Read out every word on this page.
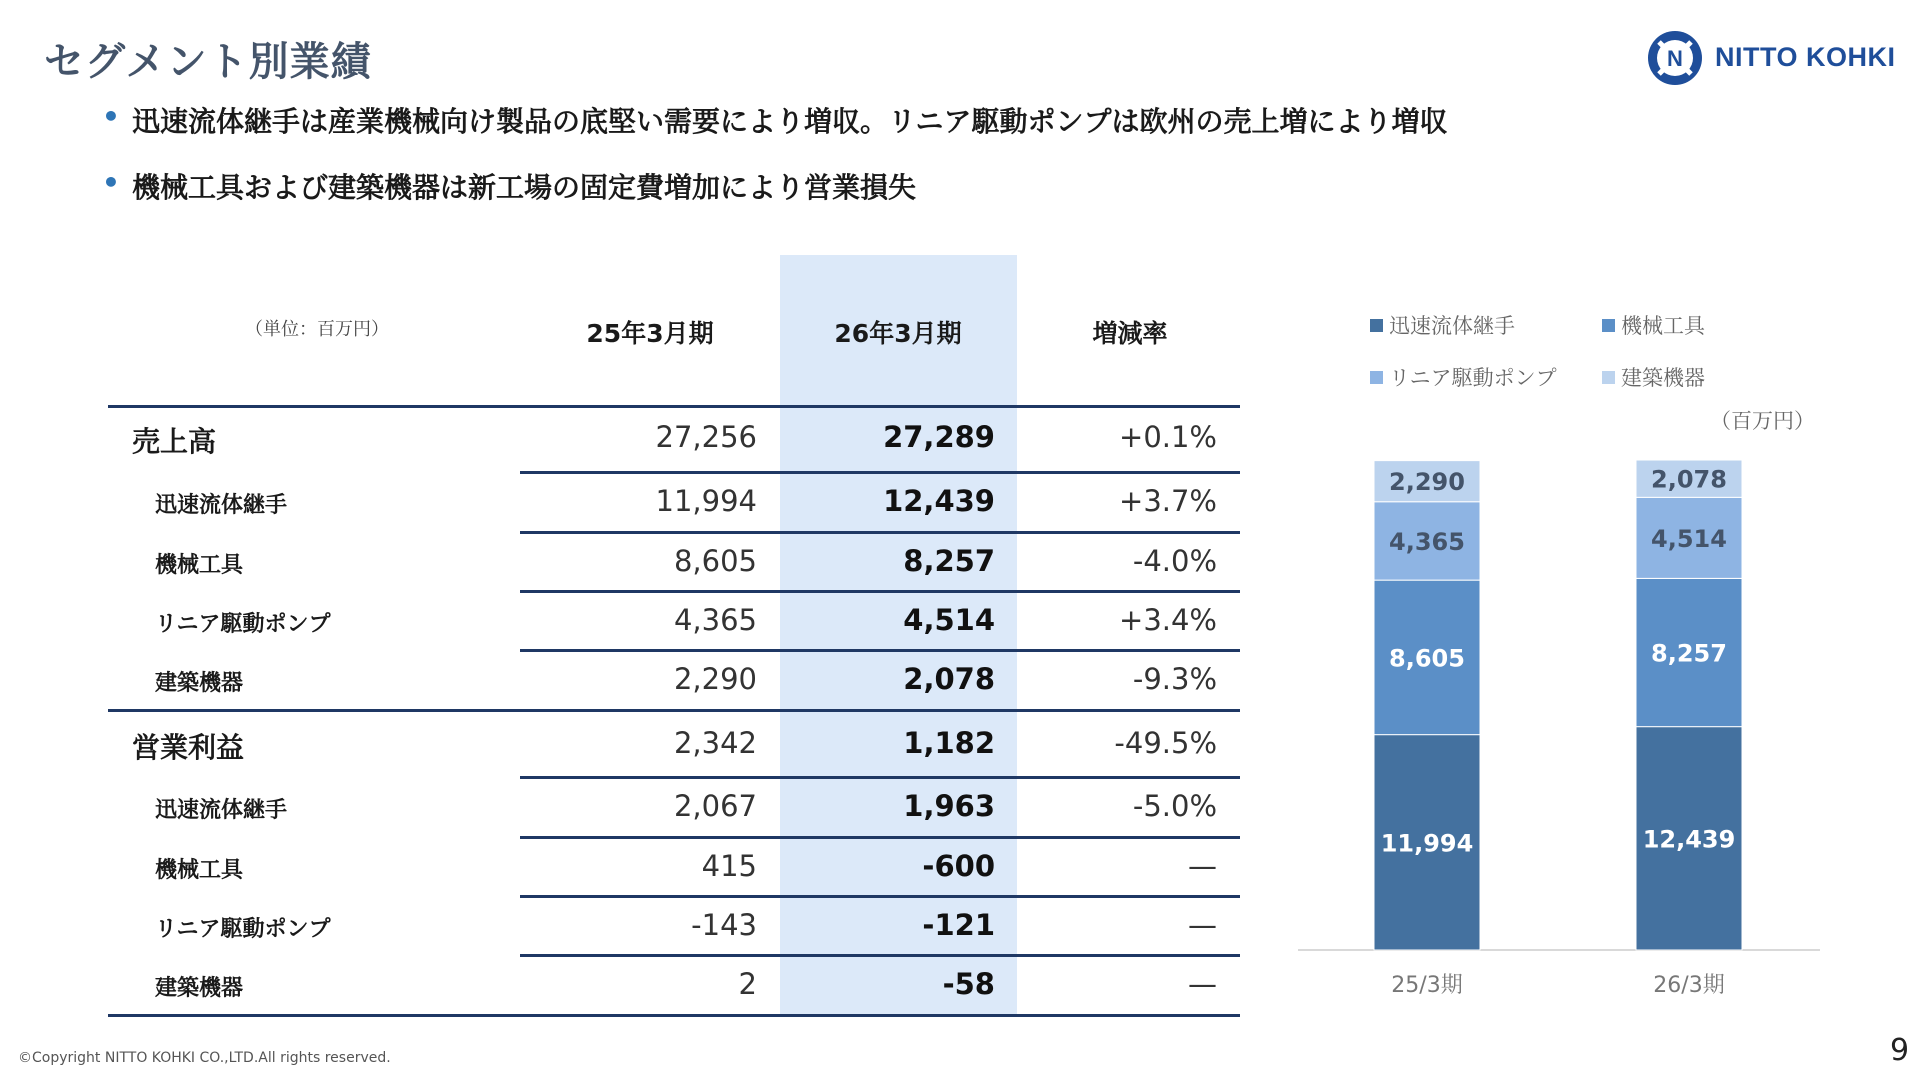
セグメント別業績	N NITTO KOHKI
• 迅速流体継手は産業機械向け製品の底堅い需要により増収。リニア駆動ポンプは欧州の売上増により増収
• 機械工具および建築機器は新工場の固定費増加により営業損失
（単位：百万円）	25年3月期	26年3月期	増減率
売上高	27,256	27,289	+0.1%
迅速流体継手	11,994	12,439	+3.7%
機械工具	8,605	8,257	-4.0%
リニア駆動ポンプ	4,365	4,514	+3.4%
建築機器	2,290	2,078	-9.3%
営業利益	2,342	1,182	-49.5%
迅速流体継手	2,067	1,963	-5.0%
機械工具	415	-600	—
リニア駆動ポンプ	-143	-121	—
建築機器	2	-58	—
迅速流体継手	機械工具
リニア駆動ポンプ	建築機器
（百万円）
11,994
8,605
4,365
2,290
25/3期
12,439
8,257
4,514
2,078
26/3期
©Copyright NITTO KOHKI CO.,LTD.All rights reserved.	9
